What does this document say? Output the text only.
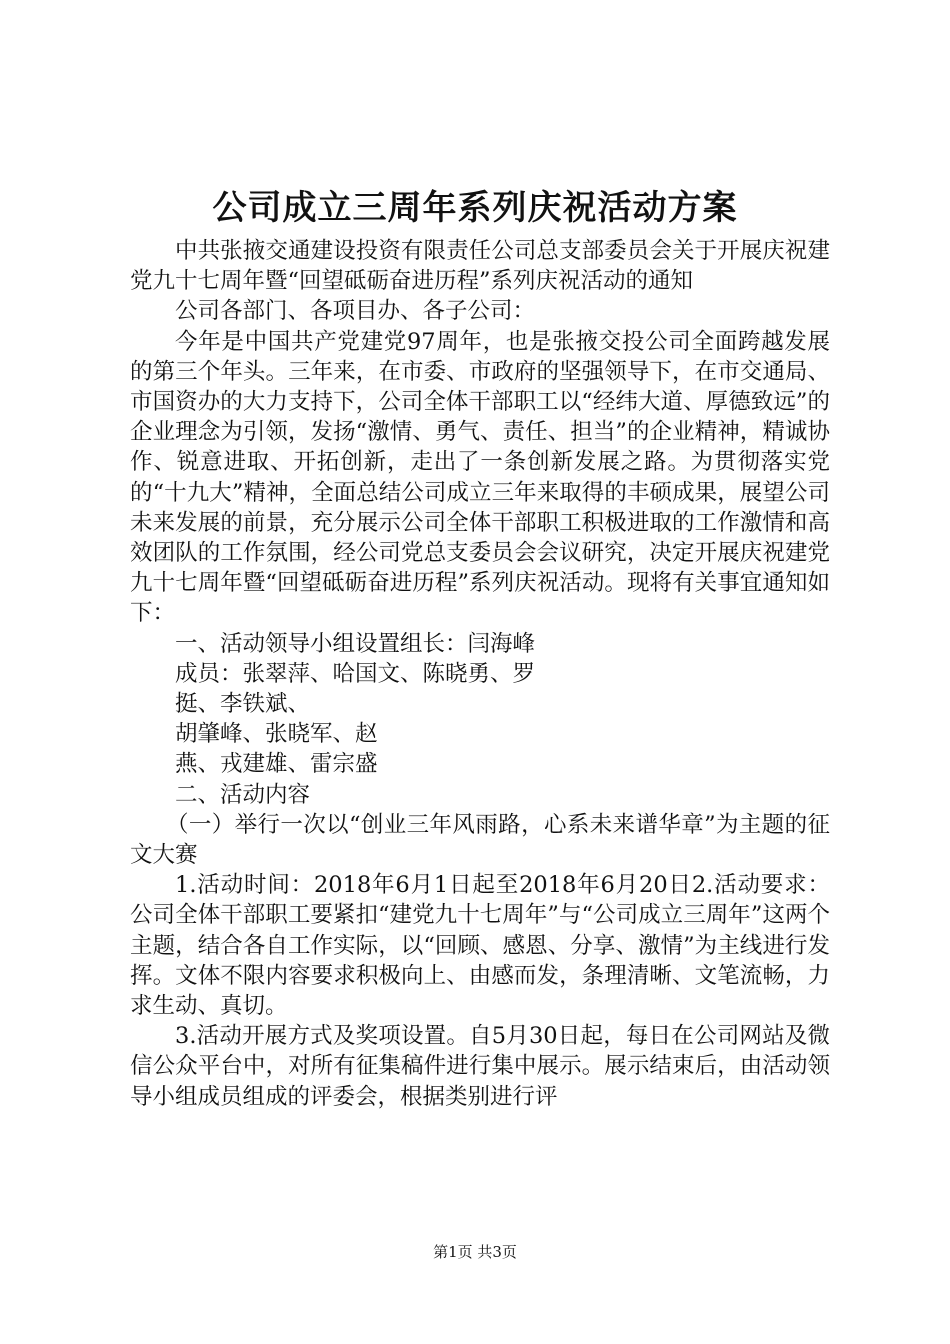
公司成立三周年系列庆祝活动方案

中共张掖交通建设投资有限责任公司总支部委员会关于开展庆祝建党九十七周年暨“回望砥砺奋进历程”系列庆祝活动的通知

公司各部门、各项目办、各子公司：

今年是中国共产党建党97周年，也是张掖交投公司全面跨越发展的第三个年头。三年来，在市委、市政府的坚强领导下，在市交通局、市国资办的大力支持下，公司全体干部职工以“经纬大道、厚德致远”的企业理念为引领，发扬“激情、勇气、责任、担当”的企业精神，精诚协作、锐意进取、开拓创新，走出了一条创新发展之路。为贯彻落实党的“十九大”精神，全面总结公司成立三年来取得的丰硕成果，展望公司未来发展的前景，充分展示公司全体干部职工积极进取的工作激情和高效团队的工作氛围，经公司党总支委员会会议研究，决定开展庆祝建党九十七周年暨“回望砥砺奋进历程”系列庆祝活动。现将有关事宜通知如下：

一、活动领导小组设置组长：闫海峰

成员：张翠萍、哈国文、陈晓勇、罗

挺、李铁斌、

胡肇峰、张晓军、赵

燕、戎建雄、雷宗盛

二、活动内容

（一）举行一次以“创业三年风雨路，心系未来谱华章”为主题的征文大赛

1.活动时间：2018年6月1日起至2018年6月20日2.活动要求：公司全体干部职工要紧扣“建党九十七周年”与“公司成立三周年”这两个主题，结合各自工作实际，以“回顾、感恩、分享、激情”为主线进行发挥。文体不限内容要求积极向上、由感而发，条理清晰、文笔流畅，力求生动、真切。

3.活动开展方式及奖项设置。自5月30日起，每日在公司网站及微信公众平台中，对所有征集稿件进行集中展示。展示结束后，由活动领导小组成员组成的评委会，根据类别进行评

第1页 共3页
